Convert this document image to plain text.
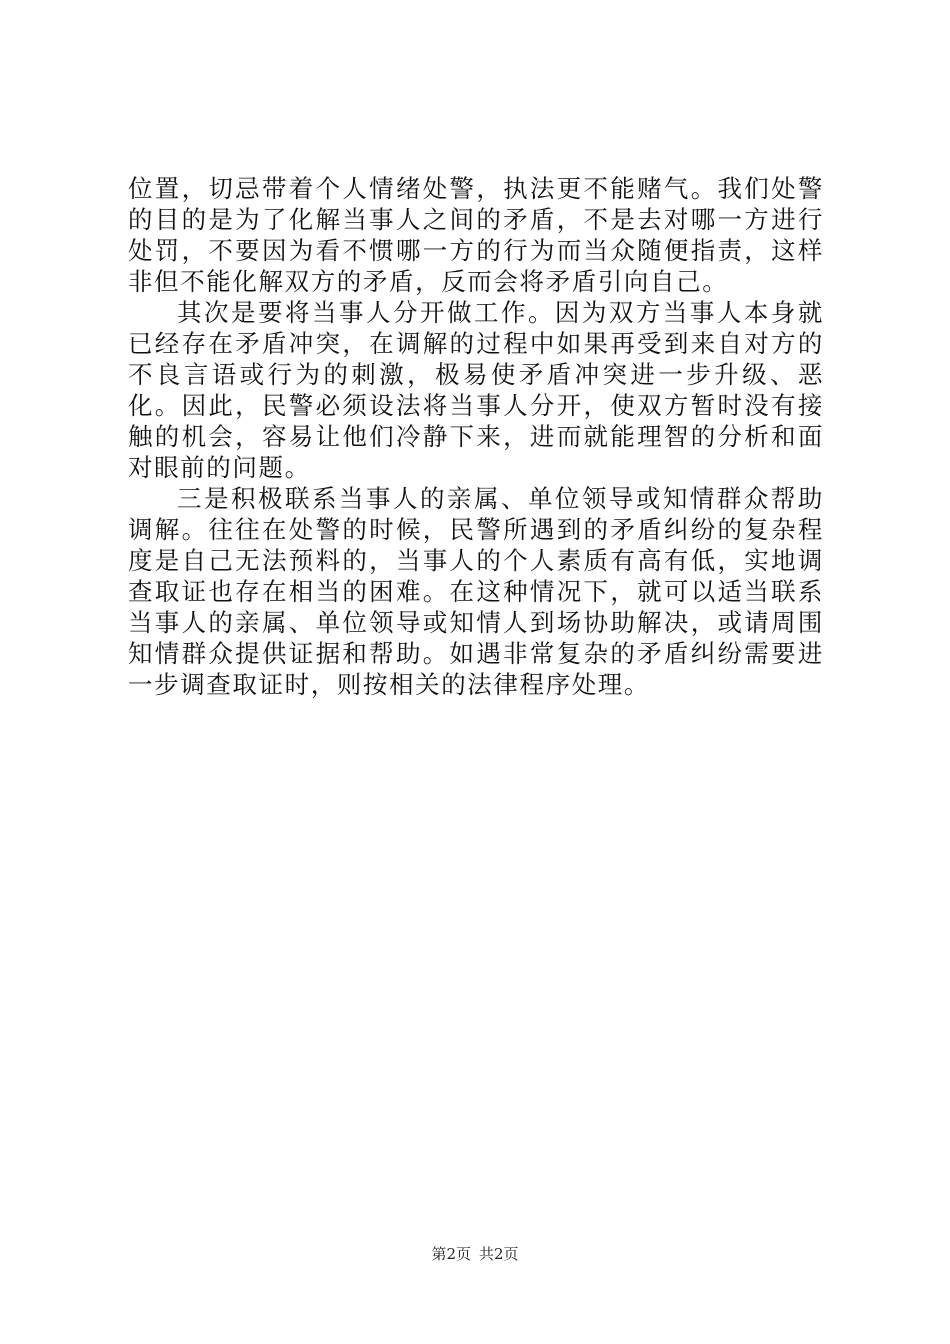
位置，切忌带着个人情绪处警，执法更不能赌气。我们处警的目的是为了化解当事人之间的矛盾，不是去对哪一方进行处罚，不要因为看不惯哪一方的行为而当众随便指责，这样非但不能化解双方的矛盾，反而会将矛盾引向自己。

其次是要将当事人分开做工作。因为双方当事人本身就已经存在矛盾冲突，在调解的过程中如果再受到来自对方的不良言语或行为的刺激，极易使矛盾冲突进一步升级、恶化。因此，民警必须设法将当事人分开，使双方暂时没有接触的机会，容易让他们冷静下来，进而就能理智的分析和面对眼前的问题。

三是积极联系当事人的亲属、单位领导或知情群众帮助调解。往往在处警的时候，民警所遇到的矛盾纠纷的复杂程度是自己无法预料的，当事人的个人素质有高有低，实地调查取证也存在相当的困难。在这种情况下，就可以适当联系当事人的亲属、单位领导或知情人到场协助解决，或请周围知情群众提供证据和帮助。如遇非常复杂的矛盾纠纷需要进一步调查取证时，则按相关的法律程序处理。

第2页 共2页
